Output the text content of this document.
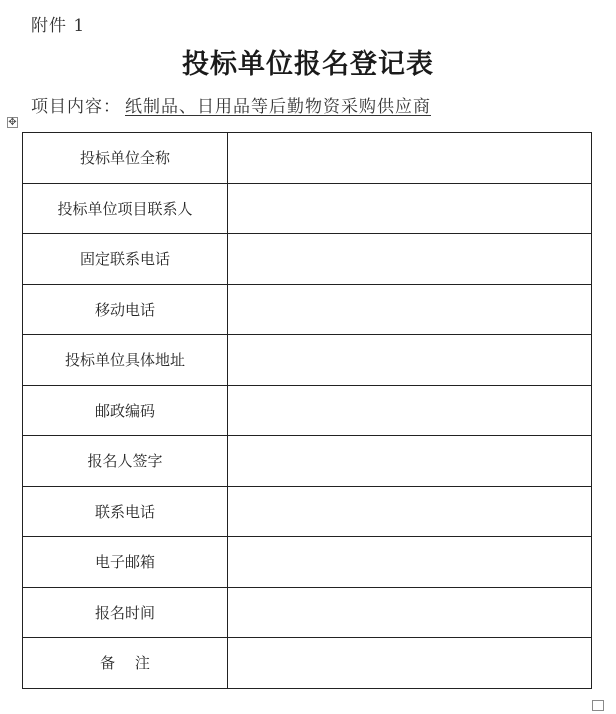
附件 1
投标单位报名登记表
项目内容： 纸制品、日用品等后勤物资采购供应商
✥
投标单位全称	
投标单位项目联系人	
固定联系电话	
移动电话	
投标单位具体地址	
邮政编码	
报名人签字	
联系电话	
电子邮箱	
报名时间	
备　 注	
